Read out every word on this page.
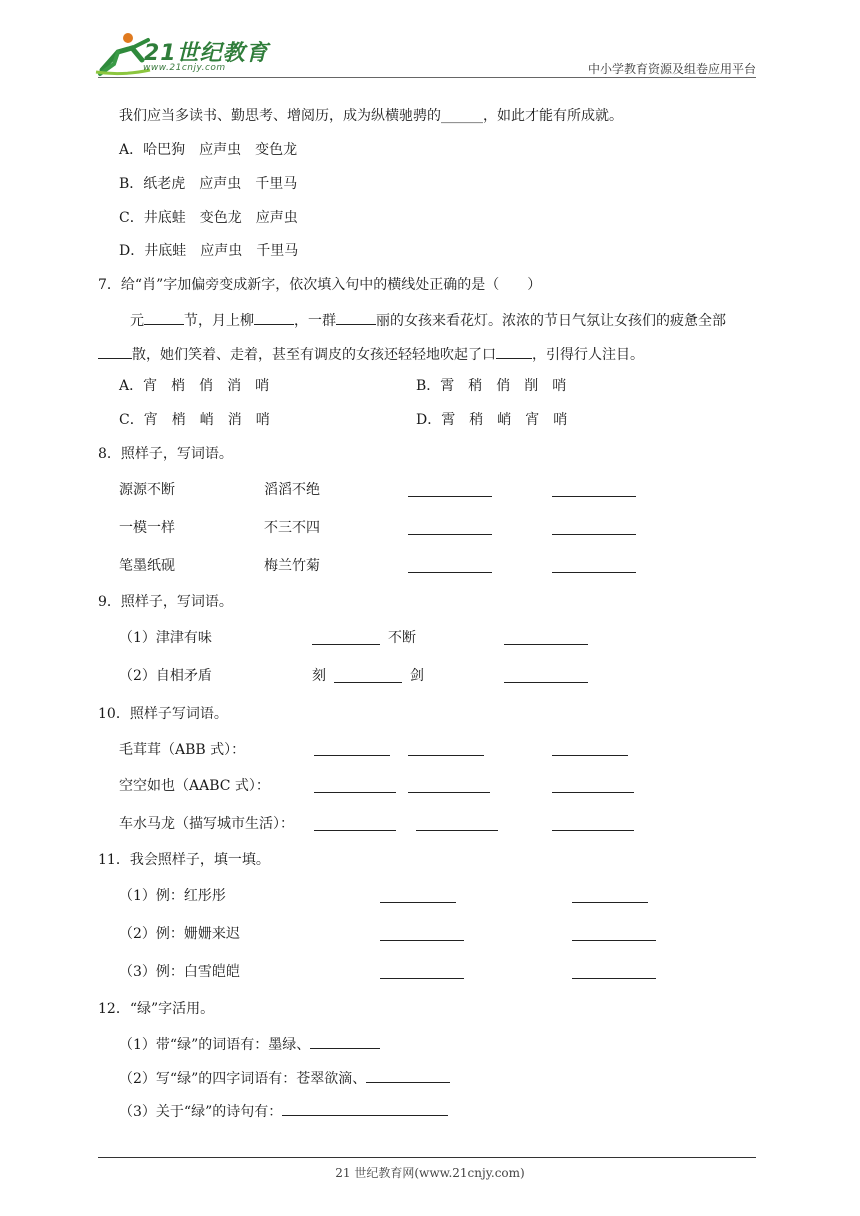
21世纪教育
www.21cnjy.com	中小学教育资源及组卷应用平台
我们应当多读书、勤思考、增阅历，成为纵横驰骋的______，如此才能有所成就。
A．哈巴狗　应声虫　变色龙
B．纸老虎　应声虫　千里马
C．井底蛙　变色龙　应声虫
D．井底蛙　应声虫　千里马
7．给“肖”字加偏旁变成新字，依次填入句中的横线处正确的是（　　）
元	节，月上柳	，一群	丽的女孩来看花灯。浓浓的节日气氛让女孩们的疲惫全部
散，她们笑着、走着，甚至有调皮的女孩还轻轻地吹起了口	，引得行人注目。
A．宵　梢　俏　消　哨	B．霄　稍　俏　削　哨
C．宵　梢　峭　消　哨	D．霄　稍　峭　宵　哨
8．照样子，写词语。
源源不断	滔滔不绝
一模一样	不三不四
笔墨纸砚	梅兰竹菊
9．照样子，写词语。
（1）津津有味	不断
（2）自相矛盾	刻	剑
10．照样子写词语。
毛茸茸（ABB 式）：
空空如也（AABC 式）：
车水马龙（描写城市生活）：
11．我会照样子，填一填。
（1）例：红彤彤
（2）例：姗姗来迟
（3）例：白雪皑皑
12．“绿”字活用。
（1）带“绿”的词语有：墨绿、
（2）写“绿”的四字词语有：苍翠欲滴、
（3）关于“绿”的诗句有：
21 世纪教育网(www.21cnjy.com)
